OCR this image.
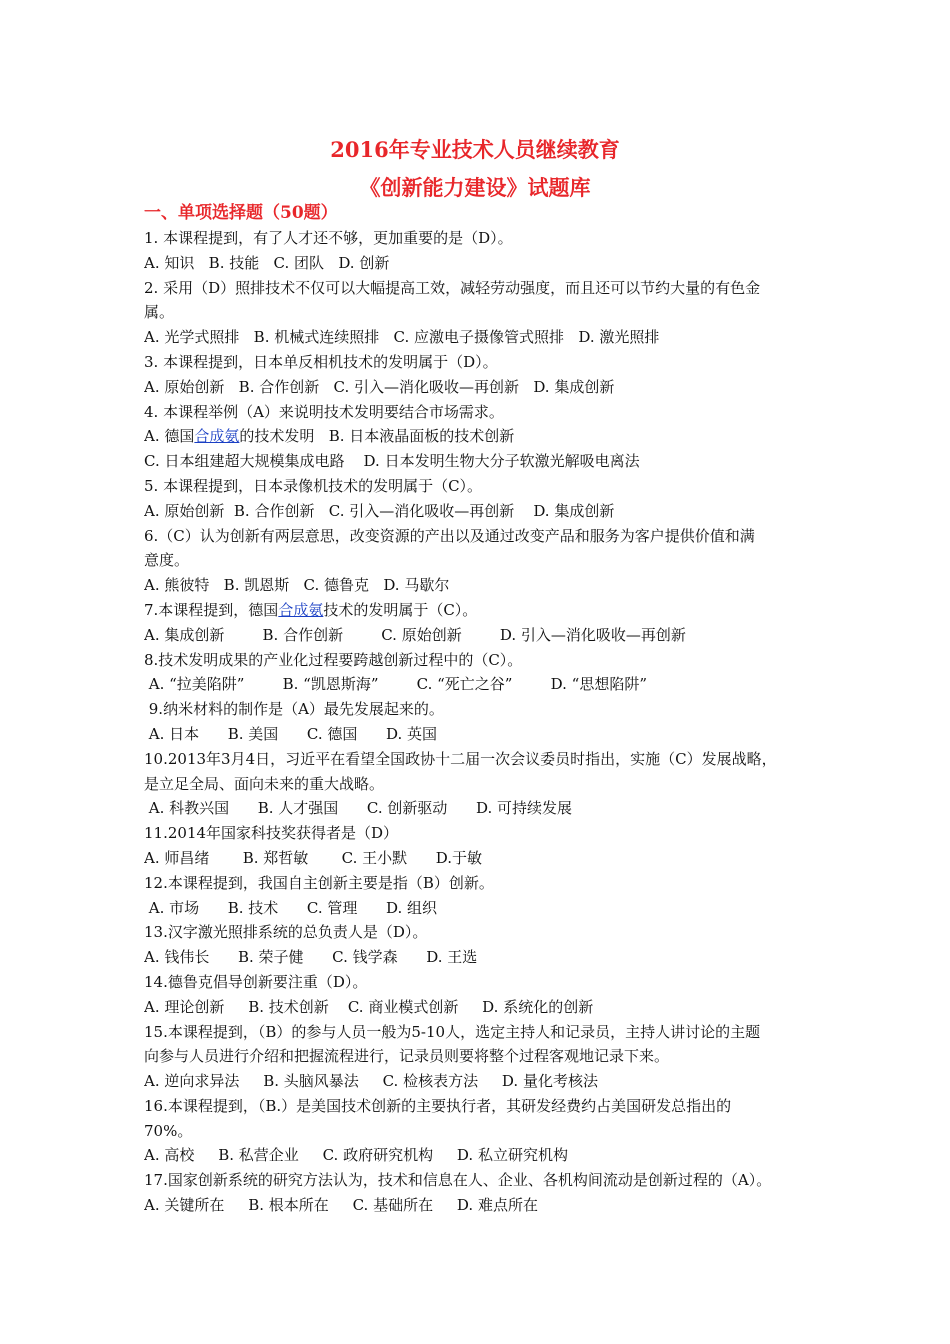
2016年专业技术人员继续教育
《创新能力建设》试题库
一、单项选择题（50题）
1. 本课程提到，有了人才还不够，更加重要的是（D）。
A. 知识   B. 技能   C. 团队   D. 创新
2. 采用（D）照排技术不仅可以大幅提高工效，减轻劳动强度，而且还可以节约大量的有色金
属。
A. 光学式照排   B. 机械式连续照排   C. 应激电子摄像管式照排   D. 激光照排
3. 本课程提到，日本单反相机技术的发明属于（D）。
A. 原始创新   B. 合作创新   C. 引入—消化吸收—再创新   D. 集成创新
4. 本课程举例（A）来说明技术发明要结合市场需求。
A. 德国合成氨的技术发明   B. 日本液晶面板的技术创新
C. 日本组建超大规模集成电路    D. 日本发明生物大分子软激光解吸电离法
5. 本课程提到，日本录像机技术的发明属于（C）。
A. 原始创新  B. 合作创新   C. 引入—消化吸收—再创新    D. 集成创新
6.（C）认为创新有两层意思，改变资源的产出以及通过改变产品和服务为客户提供价值和满
意度。
A. 熊彼特   B. 凯恩斯   C. 德鲁克   D. 马歇尔
7.本课程提到，德国合成氨技术的发明属于（C）。
A. 集成创新        B. 合作创新        C. 原始创新        D. 引入—消化吸收—再创新
8.技术发明成果的产业化过程要跨越创新过程中的（C）。
A. “拉美陷阱”        B. “凯恩斯海”        C. “死亡之谷”        D. “思想陷阱”
9.纳米材料的制作是（A）最先发展起来的。
A. 日本      B. 美国      C. 德国      D. 英国
10.2013年3月4日，习近平在看望全国政协十二届一次会议委员时指出，实施（C）发展战略，
是立足全局、面向未来的重大战略。
A. 科教兴国      B. 人才强国      C. 创新驱动      D. 可持续发展
11.2014年国家科技奖获得者是（D）
A. 师昌绪       B. 郑哲敏       C. 王小默      D.于敏
12.本课程提到，我国自主创新主要是指（B）创新。
A. 市场      B. 技术      C. 管理      D. 组织
13.汉字激光照排系统的总负责人是（D）。
A. 钱伟长      B. 荣子健      C. 钱学森      D. 王选
14.德鲁克倡导创新要注重（D）。
A. 理论创新     B. 技术创新    C. 商业模式创新     D. 系统化的创新
15.本课程提到，（B）的参与人员一般为5-10人，选定主持人和记录员，主持人讲讨论的主题
向参与人员进行介绍和把握流程进行，记录员则要将整个过程客观地记录下来。
A. 逆向求异法     B. 头脑风暴法     C. 检核表方法     D. 量化考核法
16.本课程提到，（B.）是美国技术创新的主要执行者，其研发经费约占美国研发总指出的
70%。
A. 高校     B. 私营企业     C. 政府研究机构     D. 私立研究机构
17.国家创新系统的研究方法认为，技术和信息在人、企业、各机构间流动是创新过程的（A）。
A. 关键所在     B. 根本所在     C. 基础所在     D. 难点所在
